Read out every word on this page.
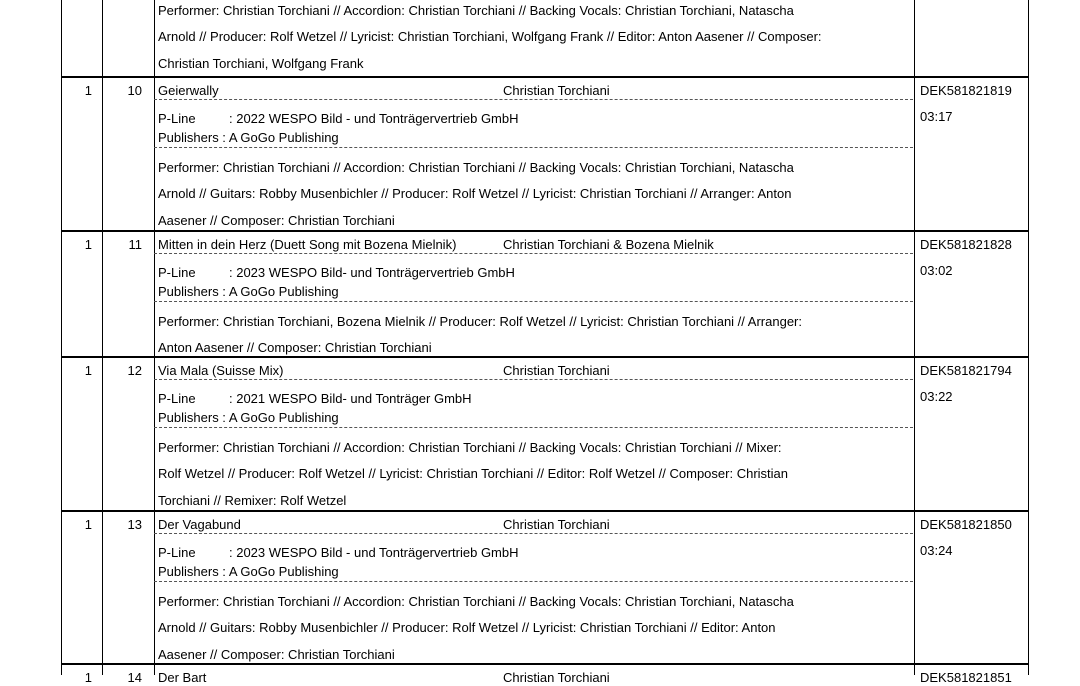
Performer: Christian Torchiani // Accordion: Christian Torchiani // Backing Vocals: Christian Torchiani, Natascha
Arnold // Producer: Rolf Wetzel // Lyricist: Christian Torchiani, Wolfgang Frank // Editor: Anton Aasener // Composer:
Christian Torchiani, Wolfgang Frank
1	10 Geierwally	Christian Torchiani	DEK581821819
03:17
P-Line	: 2022 WESPO Bild - und Tonträgervertrieb GmbH
Publishers : A GoGo Publishing
Performer: Christian Torchiani // Accordion: Christian Torchiani // Backing Vocals: Christian Torchiani, Natascha
Arnold // Guitars: Robby Musenbichler // Producer: Rolf Wetzel // Lyricist: Christian Torchiani // Arranger: Anton
Aasener // Composer: Christian Torchiani
1	11 Mitten in dein Herz (Duett Song mit Bozena Mielnik)	Christian Torchiani & Bozena Mielnik	DEK581821828
03:02
P-Line	: 2023 WESPO Bild- und Tonträgervertrieb GmbH
Publishers : A GoGo Publishing
Performer: Christian Torchiani, Bozena Mielnik // Producer: Rolf Wetzel // Lyricist: Christian Torchiani // Arranger:
Anton Aasener // Composer: Christian Torchiani
1	12 Via Mala (Suisse Mix)	Christian Torchiani	DEK581821794
03:22
P-Line	: 2021 WESPO Bild- und Tonträger GmbH
Publishers : A GoGo Publishing
Performer: Christian Torchiani // Accordion: Christian Torchiani // Backing Vocals: Christian Torchiani // Mixer:
Rolf Wetzel // Producer: Rolf Wetzel // Lyricist: Christian Torchiani // Editor: Rolf Wetzel // Composer: Christian
Torchiani // Remixer: Rolf Wetzel
1	13 Der Vagabund	Christian Torchiani	DEK581821850
03:24
P-Line	: 2023 WESPO Bild - und Tonträgervertrieb GmbH
Publishers : A GoGo Publishing
Performer: Christian Torchiani // Accordion: Christian Torchiani // Backing Vocals: Christian Torchiani, Natascha
Arnold // Guitars: Robby Musenbichler // Producer: Rolf Wetzel // Lyricist: Christian Torchiani // Editor: Anton
Aasener // Composer: Christian Torchiani
1	14 Der Bart	Christian Torchiani	DEK581821851
